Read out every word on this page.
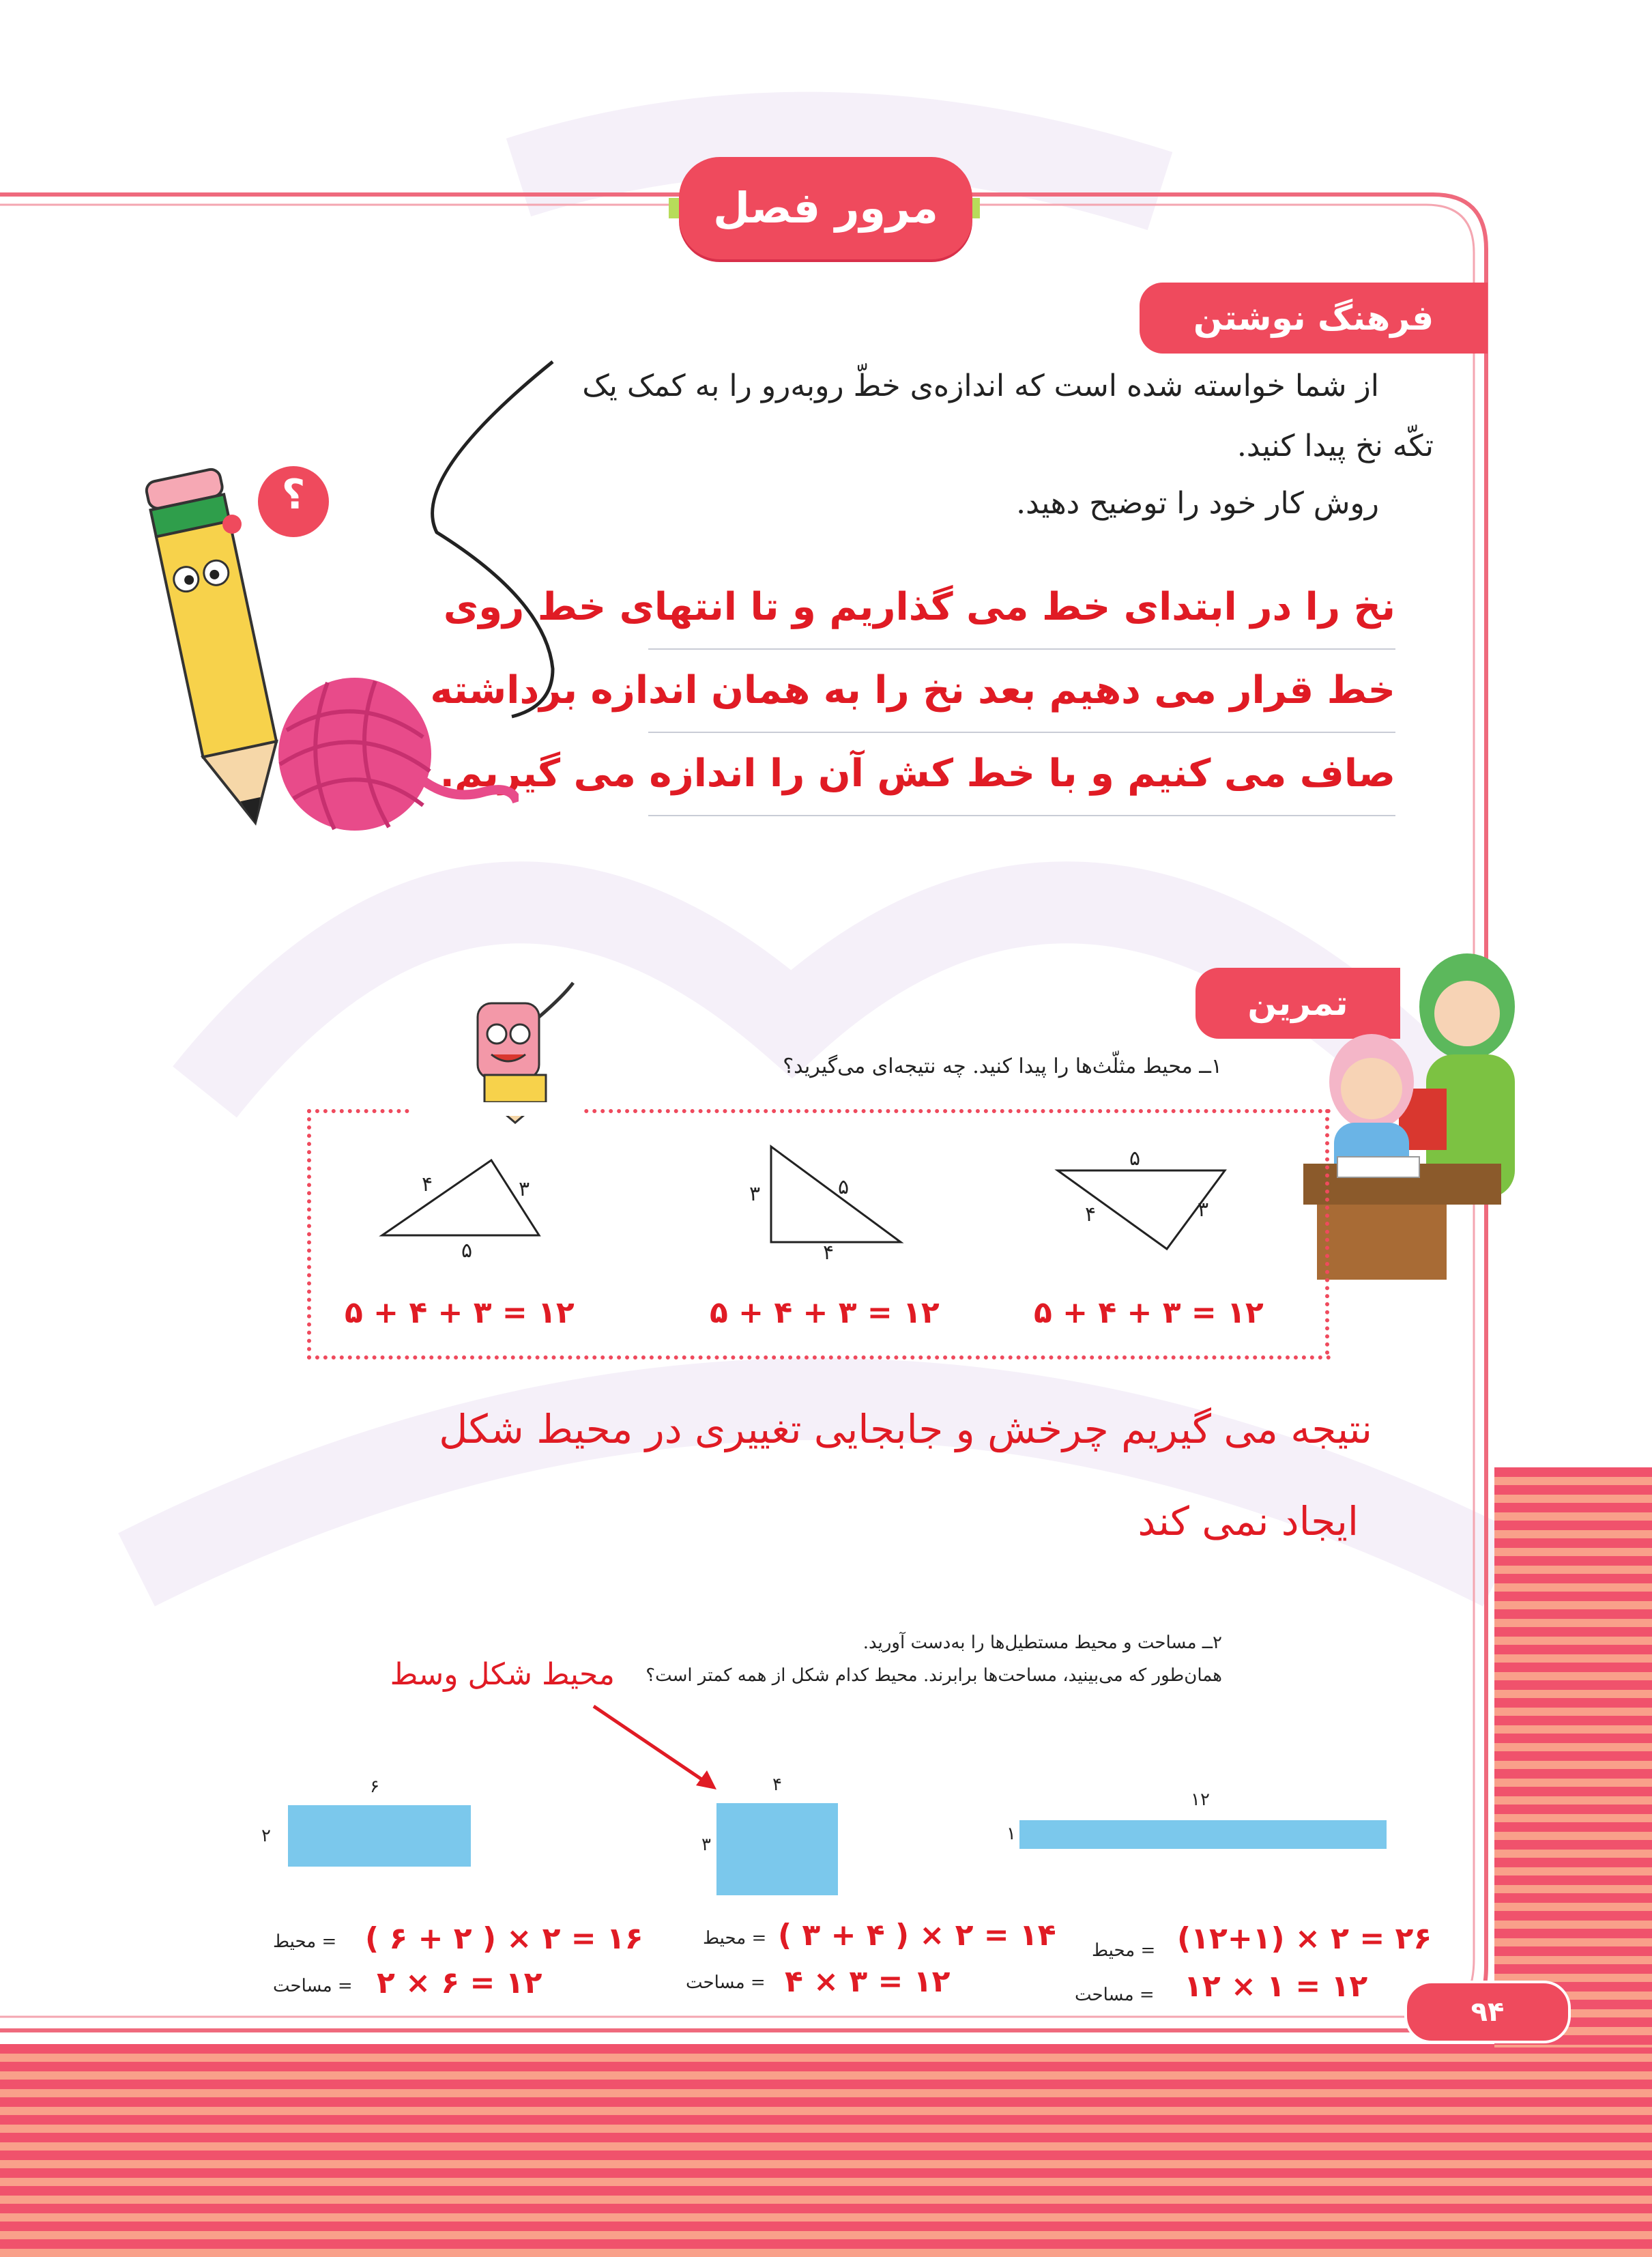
مرور فصل
فرهنگ نوشتن
از شما خواسته شده است که اندازه‌ی خطّ روبه‌رو را به کمک یک
تکّه نخ پیدا کنید.
روش کار خود را توضیح دهید.
نخ را در ابتدای خط می گذاریم و تا انتهای خط روی
خط قرار می دهیم بعد نخ را به همان اندازه برداشته
صاف می کنیم و با خط کش آن را اندازه می گیریم.
؟
تمرین
۱ــ محیط مثلّث‌ها را پیدا کنید. چه نتیجه‌ای می‌گیرید؟
۴	۳
۵
۳	۵
۴
۵
۴	۳
۵ + ۴ + ۳ = ۱۲	۵ + ۴ + ۳ = ۱۲	۵ + ۴ + ۳ = ۱۲
نتیجه می گیریم چرخش و جابجایی تغییری در محیط شکل
ایجاد نمی کند
۲ــ مساحت و محیط مستطیل‌ها را به‌دست آورید.
همان‌طور که می‌بینید، مساحت‌ها برابرند. محیط کدام شکل از همه کمتر است؟
محیط شکل وسط
۶
۲
۴
۳
۱۲
۱
= محیط ( ۶ + ۲ ) × ۲ = ۱۶
= مساحت ۲ × ۶ = ۱۲
= محیط ( ۳ + ۴ ) × ۲ = ۱۴
= مساحت ۴ × ۳ = ۱۲
= محیط (۱۲+۱) × ۲ = ۲۶
= مساحت ۱۲ × ۱ = ۱۲
۹۴
